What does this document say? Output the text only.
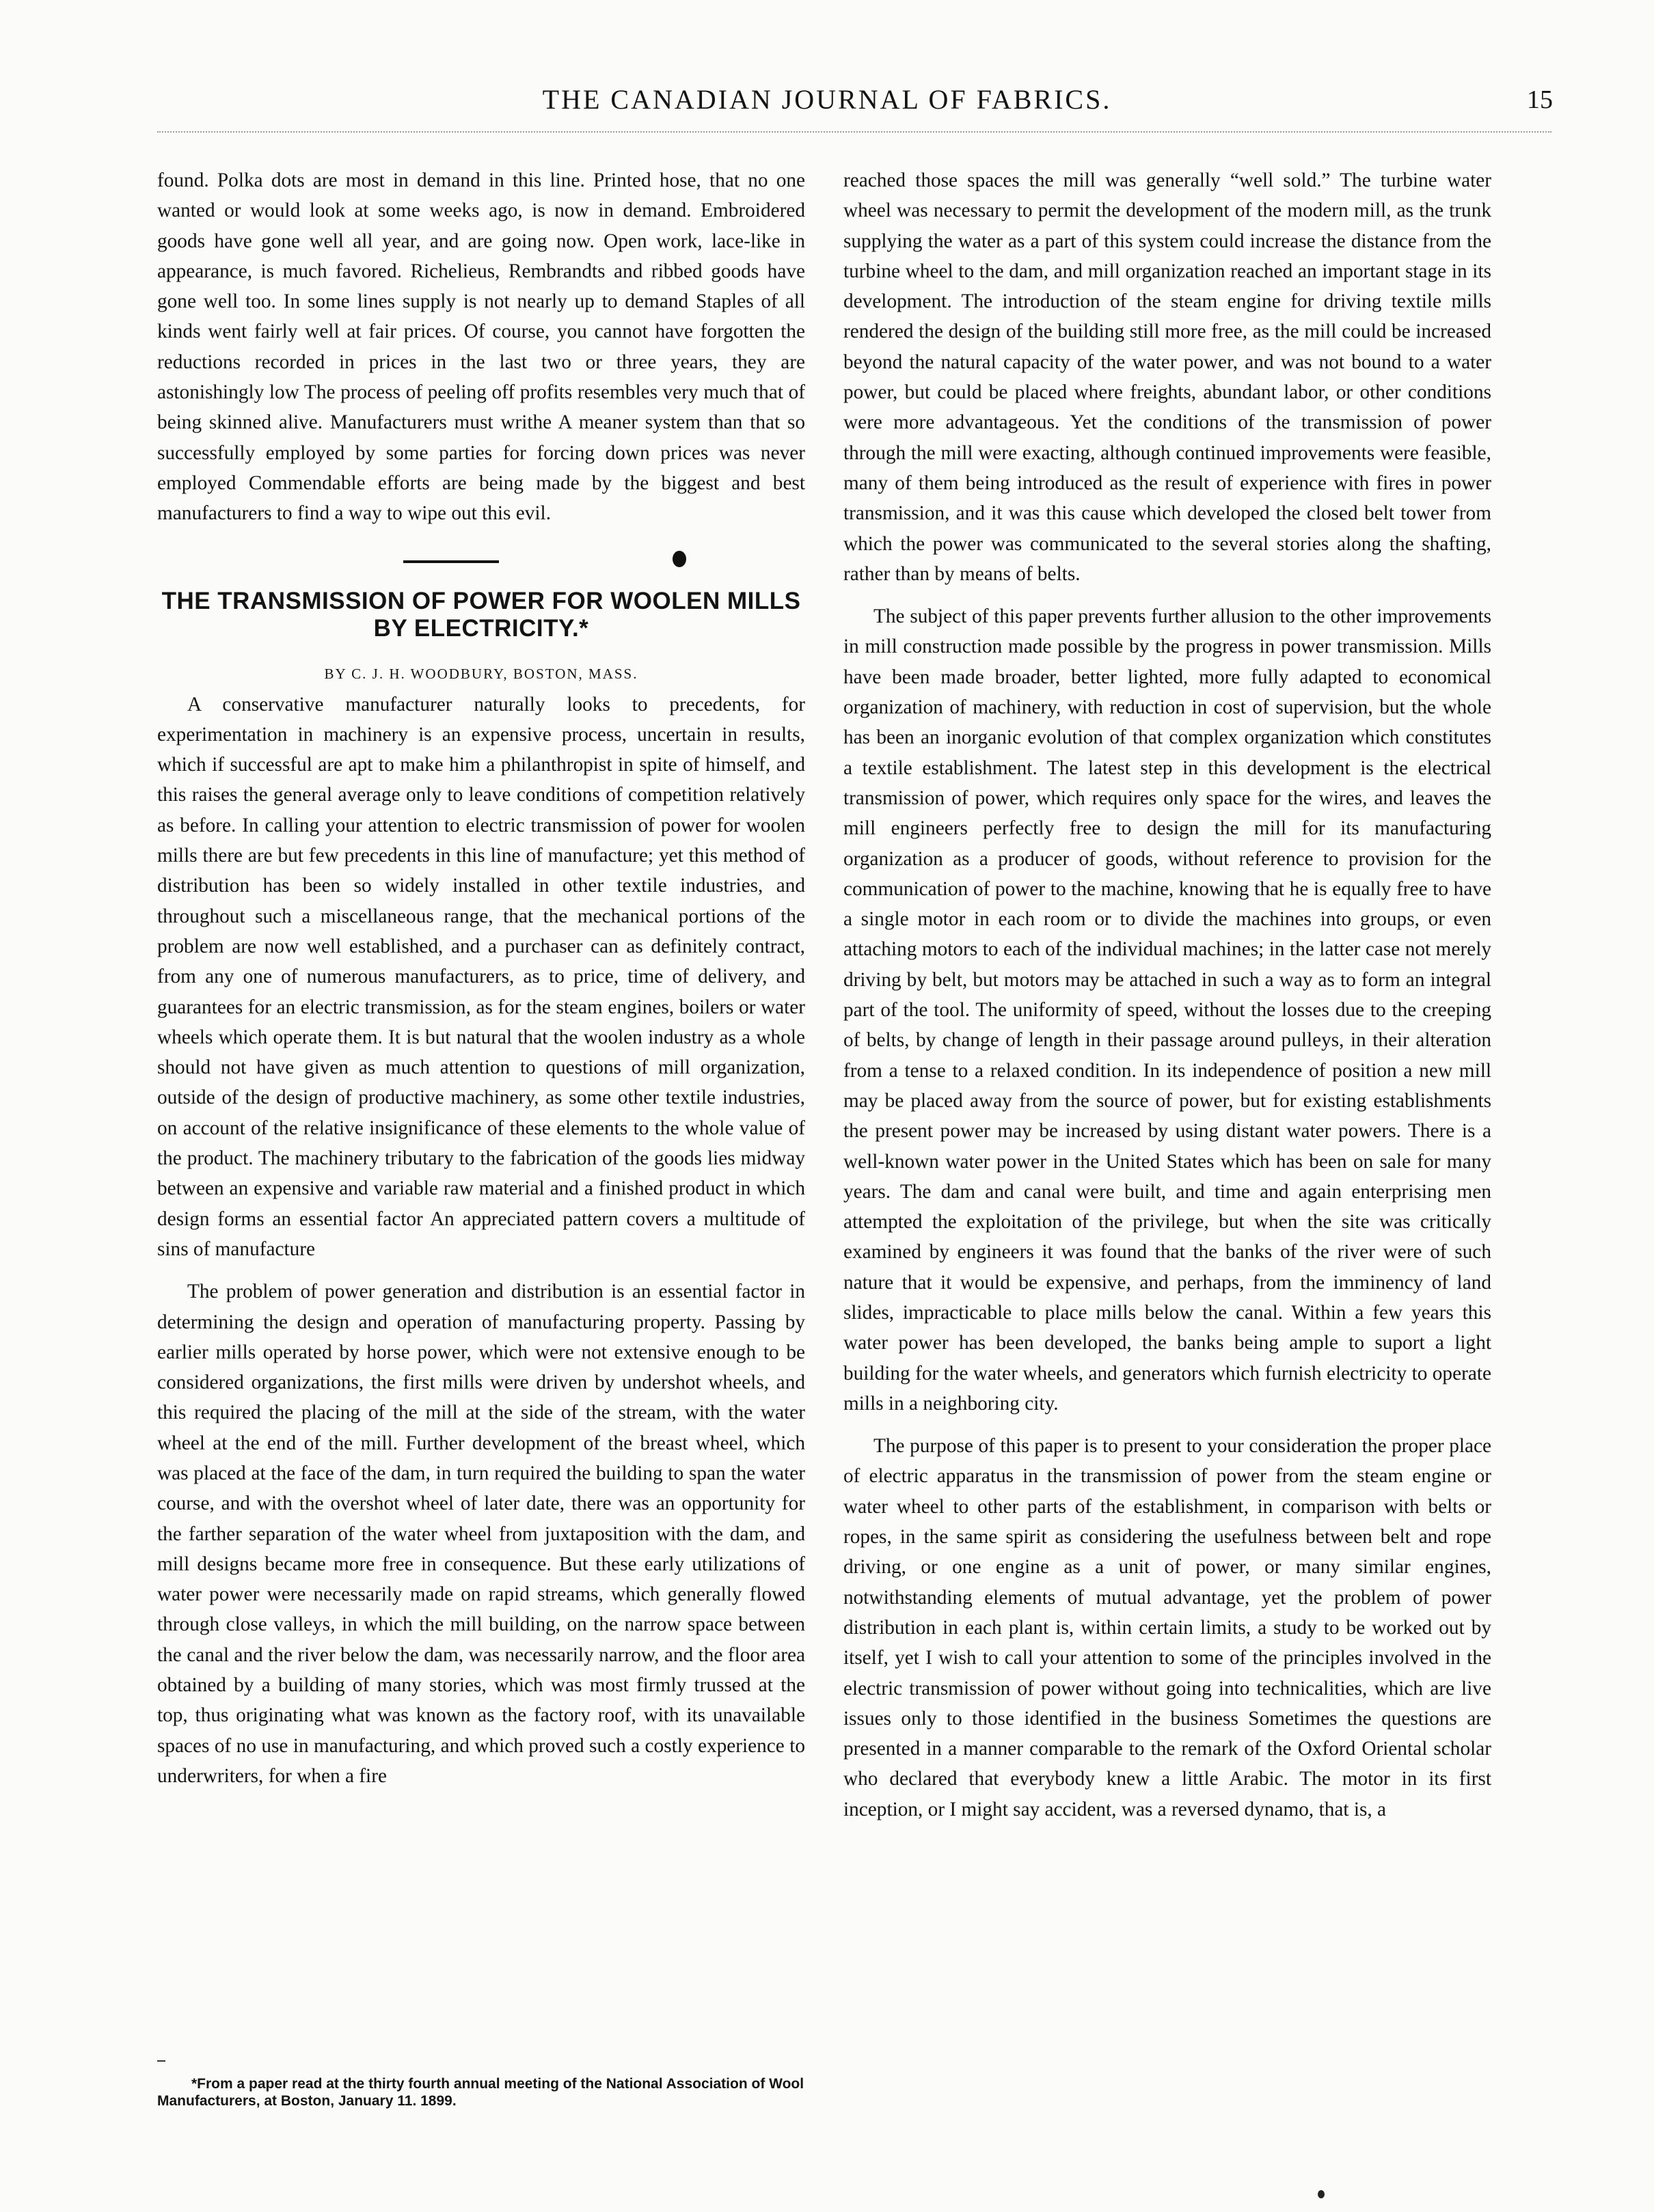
THE CANADIAN JOURNAL OF FABRICS.	15

found. Polka dots are most in demand in this line. Printed hose, that no one wanted or would look at some weeks ago, is now in demand. Embroidered goods have gone well all year, and are going now. Open work, lace-like in appearance, is much favored. Richelieus, Rembrandts and ribbed goods have gone well too. In some lines supply is not nearly up to demand Staples of all kinds went fairly well at fair prices. Of course, you cannot have forgotten the reductions recorded in prices in the last two or three years, they are astonishingly low The process of peeling off profits resembles very much that of being skinned alive. Manufacturers must writhe A meaner system than that so successfully employed by some parties for forcing down prices was never employed Commendable efforts are being made by the biggest and best manufacturers to find a way to wipe out this evil.

THE TRANSMISSION OF POWER FOR WOOLEN MILLS BY ELECTRICITY.*
BY C. J. H. WOODBURY, BOSTON, MASS.

A conservative manufacturer naturally looks to precedents, for experimentation in machinery is an expensive process, uncertain in results, which if successful are apt to make him a philanthropist in spite of himself, and this raises the general average only to leave conditions of competition relatively as before. In calling your attention to electric transmission of power for woolen mills there are but few precedents in this line of manufacture; yet this method of distribution has been so widely installed in other textile industries, and throughout such a miscellaneous range, that the mechanical portions of the problem are now well established, and a purchaser can as definitely contract, from any one of numerous manufacturers, as to price, time of delivery, and guarantees for an electric transmission, as for the steam engines, boilers or water wheels which operate them. It is but natural that the woolen industry as a whole should not have given as much attention to questions of mill organization, outside of the design of productive machinery, as some other textile industries, on account of the relative insignificance of these elements to the whole value of the product. The machinery tributary to the fabrication of the goods lies midway between an expensive and variable raw material and a finished product in which design forms an essential factor An appreciated pattern covers a multitude of sins of manufacture

The problem of power generation and distribution is an essential factor in determining the design and operation of manufacturing property. Passing by earlier mills operated by horse power, which were not extensive enough to be considered organizations, the first mills were driven by undershot wheels, and this required the placing of the mill at the side of the stream, with the water wheel at the end of the mill. Further development of the breast wheel, which was placed at the face of the dam, in turn required the building to span the water course, and with the overshot wheel of later date, there was an opportunity for the farther separation of the water wheel from juxtaposition with the dam, and mill designs became more free in consequence. But these early utilizations of water power were necessarily made on rapid streams, which generally flowed through close valleys, in which the mill building, on the narrow space between the canal and the river below the dam, was necessarily narrow, and the floor area obtained by a building of many stories, which was most firmly trussed at the top, thus originating what was known as the factory roof, with its unavailable spaces of no use in manufacturing, and which proved such a costly experience to underwriters, for when a fire

*From a paper read at the thirty fourth annual meeting of the National Association of Wool Manufacturers, at Boston, January 11. 1899.

reached those spaces the mill was generally “well sold.” The turbine water wheel was necessary to permit the development of the modern mill, as the trunk supplying the water as a part of this system could increase the distance from the turbine wheel to the dam, and mill organization reached an important stage in its development. The introduction of the steam engine for driving textile mills rendered the design of the building still more free, as the mill could be increased beyond the natural capacity of the water power, and was not bound to a water power, but could be placed where freights, abundant labor, or other conditions were more advantageous. Yet the conditions of the transmission of power through the mill were exacting, although continued improvements were feasible, many of them being introduced as the result of experience with fires in power transmission, and it was this cause which developed the closed belt tower from which the power was communicated to the several stories along the shafting, rather than by means of belts.

The subject of this paper prevents further allusion to the other improvements in mill construction made possible by the progress in power transmission. Mills have been made broader, better lighted, more fully adapted to economical organization of machinery, with reduction in cost of supervision, but the whole has been an inorganic evolution of that complex organization which constitutes a textile establishment. The latest step in this development is the electrical transmission of power, which requires only space for the wires, and leaves the mill engineers perfectly free to design the mill for its manufacturing organization as a producer of goods, without reference to provision for the communication of power to the machine, knowing that he is equally free to have a single motor in each room or to divide the machines into groups, or even attaching motors to each of the individual machines; in the latter case not merely driving by belt, but motors may be attached in such a way as to form an integral part of the tool. The uniformity of speed, without the losses due to the creeping of belts, by change of length in their passage around pulleys, in their alteration from a tense to a relaxed condition. In its independence of position a new mill may be placed away from the source of power, but for existing establishments the present power may be increased by using distant water powers. There is a well-known water power in the United States which has been on sale for many years. The dam and canal were built, and time and again enterprising men attempted the exploitation of the privilege, but when the site was critically examined by engineers it was found that the banks of the river were of such nature that it would be expensive, and perhaps, from the imminency of land slides, impracticable to place mills below the canal. Within a few years this water power has been developed, the banks being ample to suport a light building for the water wheels, and generators which furnish electricity to operate mills in a neighboring city.

The purpose of this paper is to present to your consideration the proper place of electric apparatus in the transmission of power from the steam engine or water wheel to other parts of the establishment, in comparison with belts or ropes, in the same spirit as considering the usefulness between belt and rope driving, or one engine as a unit of power, or many similar engines, notwithstanding elements of mutual advantage, yet the problem of power distribution in each plant is, within certain limits, a study to be worked out by itself, yet I wish to call your attention to some of the principles involved in the electric transmission of power without going into technicalities, which are live issues only to those identified in the business Sometimes the questions are presented in a manner comparable to the remark of the Oxford Oriental scholar who declared that everybody knew a little Arabic. The motor in its first inception, or I might say accident, was a reversed dynamo, that is, a
